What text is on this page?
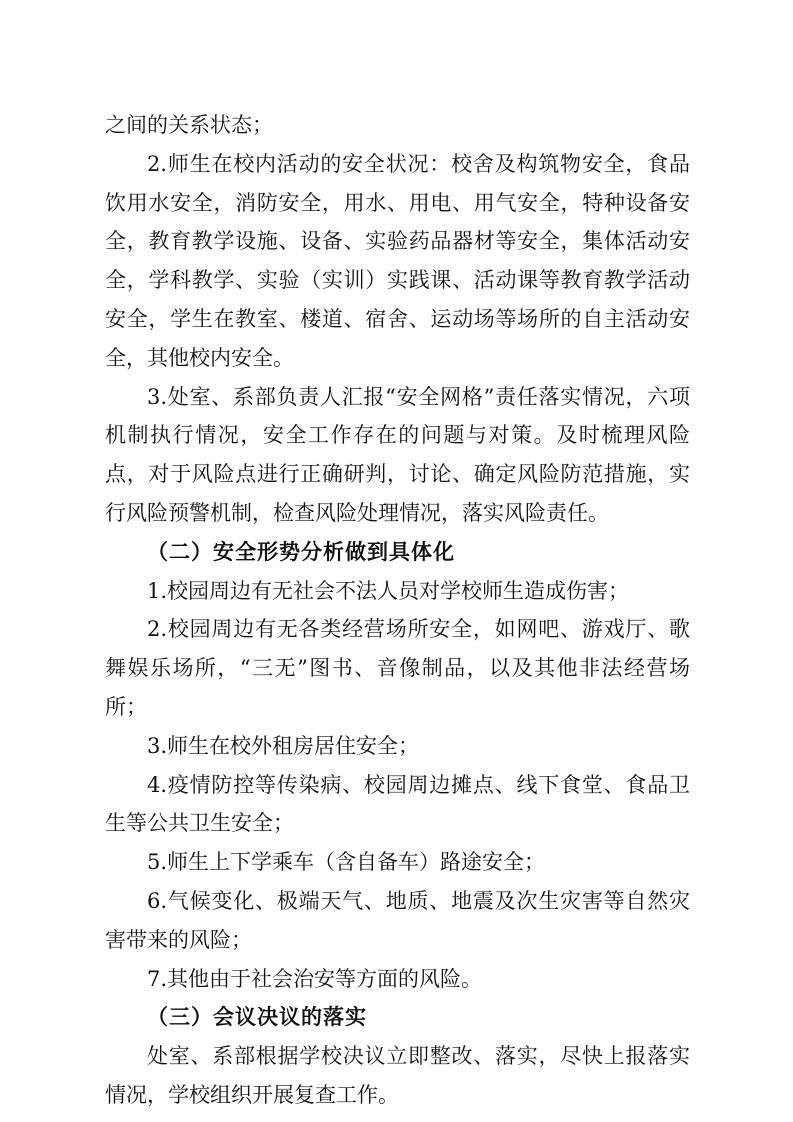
之间的关系状态；

2.师生在校内活动的安全状况：校舍及构筑物安全，食品饮用水安全，消防安全，用水、用电、用气安全，特种设备安全，教育教学设施、设备、实验药品器材等安全，集体活动安全，学科教学、实验（实训）实践课、活动课等教育教学活动安全，学生在教室、楼道、宿舍、运动场等场所的自主活动安全，其他校内安全。

3.处室、系部负责人汇报“安全网格”责任落实情况，六项机制执行情况，安全工作存在的问题与对策。及时梳理风险点，对于风险点进行正确研判，讨论、确定风险防范措施，实行风险预警机制，检查风险处理情况，落实风险责任。

（二）安全形势分析做到具体化

1.校园周边有无社会不法人员对学校师生造成伤害；

2.校园周边有无各类经营场所安全，如网吧、游戏厅、歌舞娱乐场所，“三无”图书、音像制品，以及其他非法经营场所；

3.师生在校外租房居住安全；

4.疫情防控等传染病、校园周边摊点、线下食堂、食品卫生等公共卫生安全；

5.师生上下学乘车（含自备车）路途安全；

6.气候变化、极端天气、地质、地震及次生灾害等自然灾害带来的风险；

7.其他由于社会治安等方面的风险。

（三）会议决议的落实

处室、系部根据学校决议立即整改、落实，尽快上报落实情况，学校组织开展复查工作。
